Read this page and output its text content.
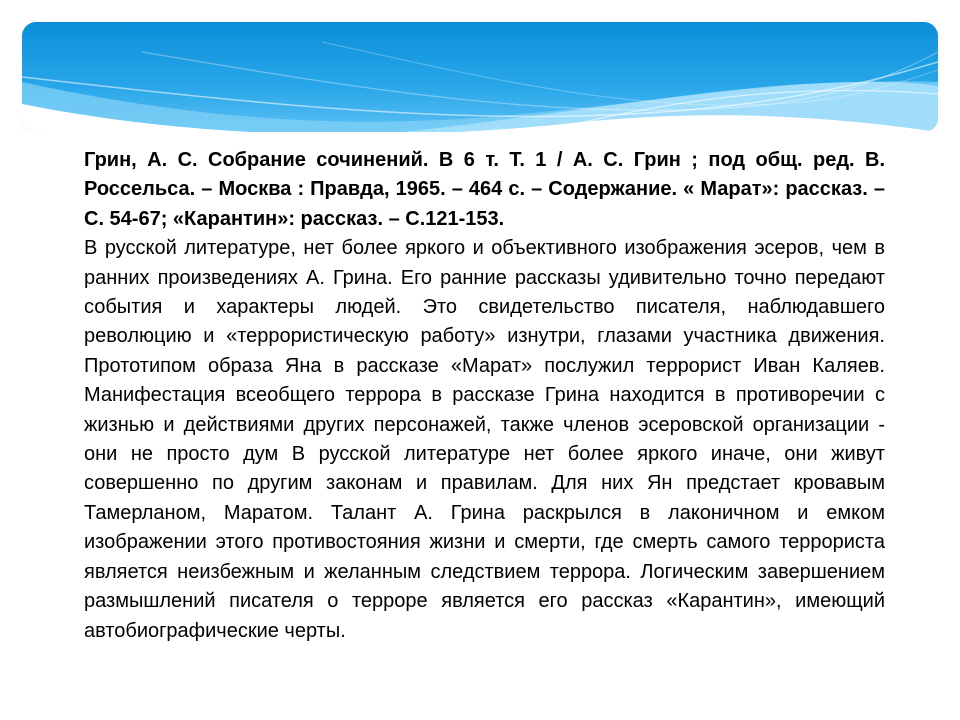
Грин, А. С. Собрание сочинений. В 6 т. Т. 1 / А. С. Грин ; под общ. ред. В. Россельса. – Москва : Правда, 1965. – 464 с. – Содержание. « Марат»: рассказ. – С. 54-67; «Карантин»: рассказ. – С.121-153.

В русской литературе, нет более яркого и объективного изображения эсеров, чем в ранних произведениях А. Грина. Его ранние рассказы удивительно точно передают события и характеры людей. Это свидетельство писателя, наблюдавшего революцию и «террористическую работу» изнутри, глазами участника движения. Прототипом образа Яна в рассказе «Марат» послужил террорист Иван Каляев. Манифестация всеобщего террора в рассказе Грина находится в противоречии с жизнью и действиями других персонажей, также членов эсеровской организации - они не просто дум В русской литературе нет более яркого иначе, они живут совершенно по другим законам и правилам. Для них Ян предстает кровавым Тамерланом, Маратом. Талант А. Грина раскрылся в лаконичном и емком изображении этого противостояния жизни и смерти, где смерть самого террориста является неизбежным и желанным следствием террора. Логическим завершением размышлений писателя о терроре является его рассказ «Карантин», имеющий автобиографические черты.
